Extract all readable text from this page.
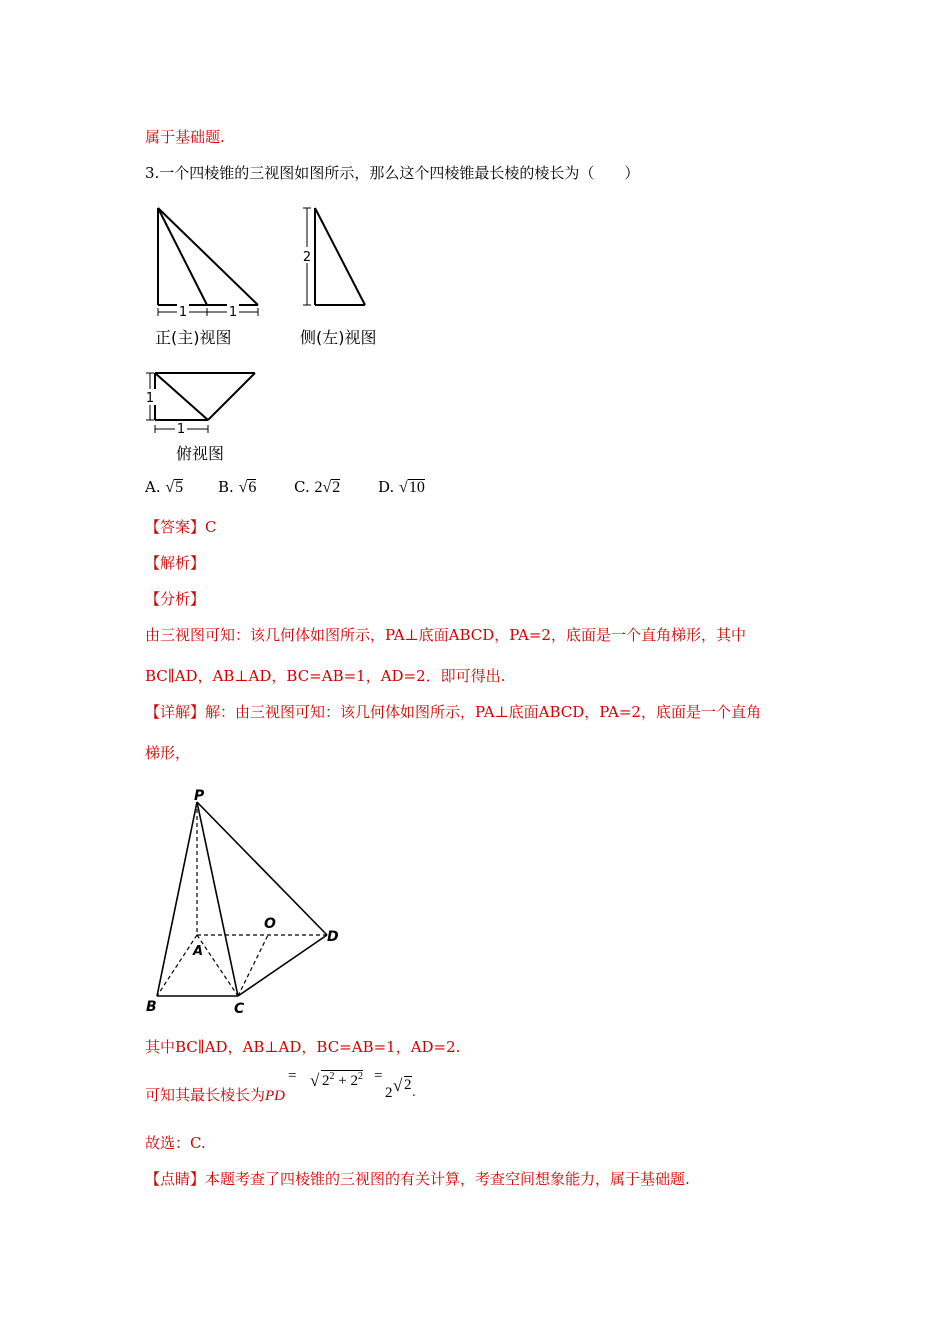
属于基础题.
3.一个四棱锥的三视图如图所示，那么这个四棱锥最长棱的棱长为（　　）
1	1
正(主)视图
2
侧(左)视图
1
1
俯视图
A. √5 B. √6	C. 2√2	D. √10
【答案】C
【解析】
【分析】
由三视图可知：该几何体如图所示，PA⊥底面ABCD，PA=2，底面是一个直角梯形，其中
BC∥AD，AB⊥AD，BC=AB=1，AD=2．即可得出.
【详解】解：由三视图可知：该几何体如图所示，PA⊥底面ABCD，PA=2，底面是一个直角
梯形，
P
A
O
D
B	C
其中BC∥AD，AB⊥AD，BC=AB=1，AD=2.
可知其最长棱长为PD
= √ $2^2 + 2^2$ =
2 √ 2 .
故选：C.
【点睛】本题考查了四棱锥的三视图的有关计算，考查空间想象能力，属于基础题.
